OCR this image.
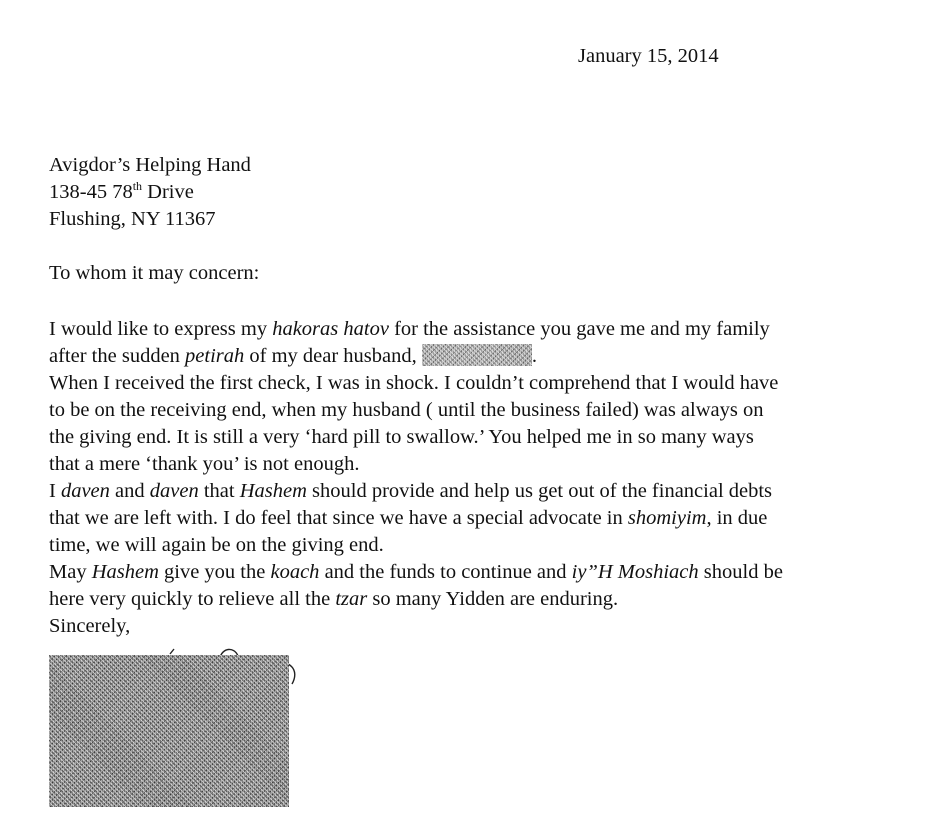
January 15, 2014
Avigdor’s Helping Hand
138-45 78th Drive
Flushing, NY 11367
To whom it may concern:
I would like to express my hakoras hatov for the assistance you gave me and my family
after the sudden petirah of my dear husband,	.
When I received the first check, I was in shock. I couldn’t comprehend that I would have
to be on the receiving end, when my husband ( until the business failed) was always on
the giving end. It is still a very ‘hard pill to swallow.’ You helped me in so many ways
that a mere ‘thank you’ is not enough.
I daven and daven that Hashem should provide and help us get out of the financial debts
that we are left with. I do feel that since we have a special advocate in shomiyim, in due
time, we will again be on the giving end.
May Hashem give you the koach and the funds to continue and iy”H Moshiach should be
here very quickly to relieve all the tzar so many Yidden are enduring.
Sincerely,
